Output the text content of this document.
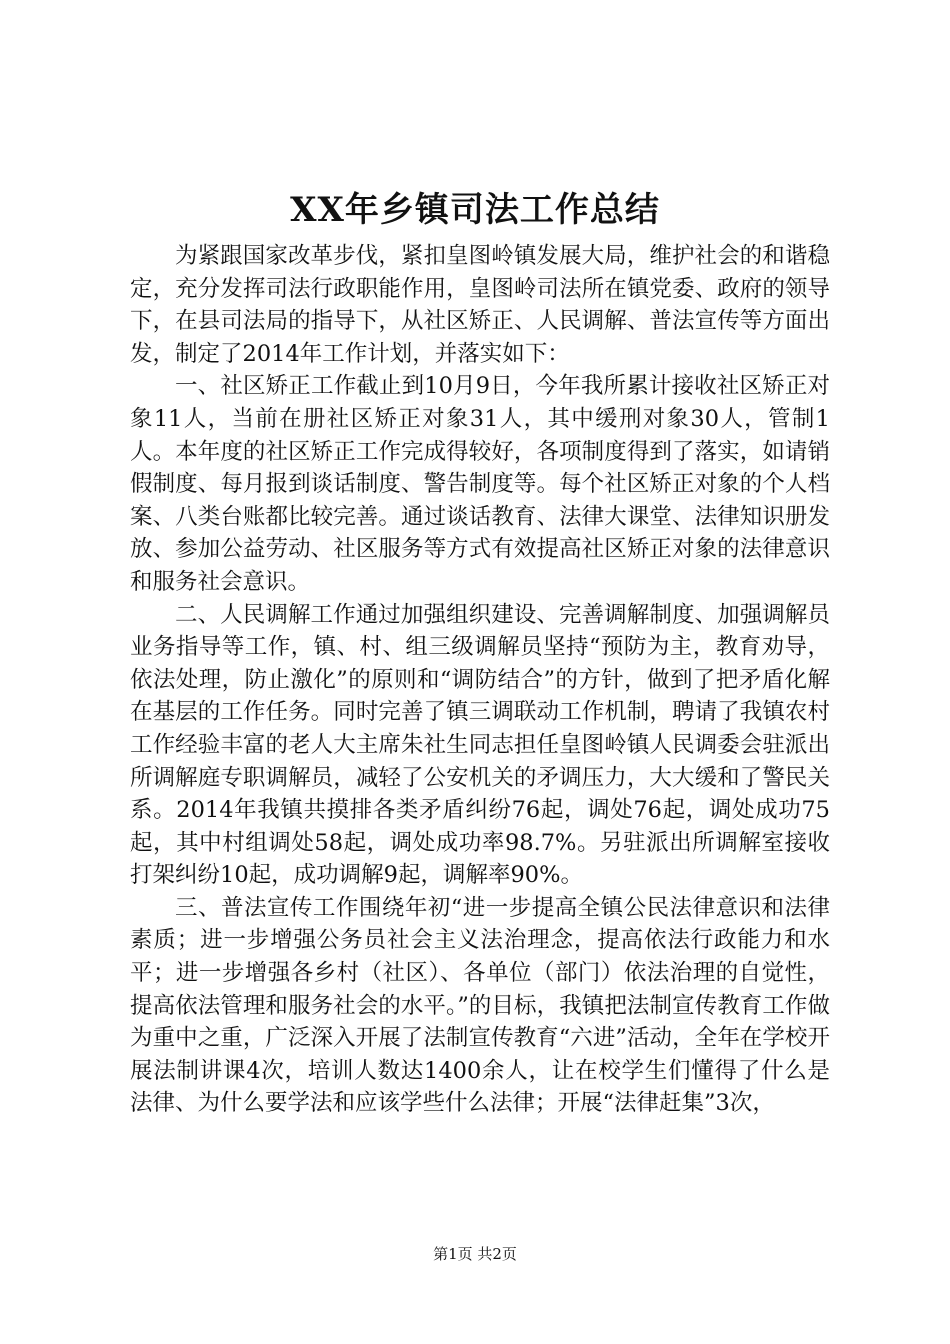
XX年乡镇司法工作总结

为紧跟国家改革步伐，紧扣皇图岭镇发展大局，维护社会的和谐稳定，充分发挥司法行政职能作用，皇图岭司法所在镇党委、政府的领导下，在县司法局的指导下，从社区矫正、人民调解、普法宣传等方面出发，制定了2014年工作计划，并落实如下：

一、社区矫正工作截止到10月9日，今年我所累计接收社区矫正对象11人，当前在册社区矫正对象31人，其中缓刑对象30人，管制1人。本年度的社区矫正工作完成得较好，各项制度得到了落实，如请销假制度、每月报到谈话制度、警告制度等。每个社区矫正对象的个人档案、八类台账都比较完善。通过谈话教育、法律大课堂、法律知识册发放、参加公益劳动、社区服务等方式有效提高社区矫正对象的法律意识和服务社会意识。

二、人民调解工作通过加强组织建设、完善调解制度、加强调解员业务指导等工作，镇、村、组三级调解员坚持“预防为主，教育劝导，依法处理，防止激化”的原则和“调防结合”的方针，做到了把矛盾化解在基层的工作任务。同时完善了镇三调联动工作机制，聘请了我镇农村工作经验丰富的老人大主席朱社生同志担任皇图岭镇人民调委会驻派出所调解庭专职调解员，减轻了公安机关的矛调压力，大大缓和了警民关系。2014年我镇共摸排各类矛盾纠纷76起，调处76起，调处成功75起，其中村组调处58起，调处成功率98.7%。另驻派出所调解室接收打架纠纷10起，成功调解9起，调解率90%。

三、普法宣传工作围绕年初“进一步提高全镇公民法律意识和法律素质；进一步增强公务员社会主义法治理念，提高依法行政能力和水平；进一步增强各乡村（社区）、各单位（部门）依法治理的自觉性，提高依法管理和服务社会的水平。”的目标，我镇把法制宣传教育工作做为重中之重，广泛深入开展了法制宣传教育“六进”活动，全年在学校开展法制讲课4次，培训人数达1400余人，让在校学生们懂得了什么是法律、为什么要学法和应该学些什么法律；开展“法律赶集”3次，

第1页 共2页
